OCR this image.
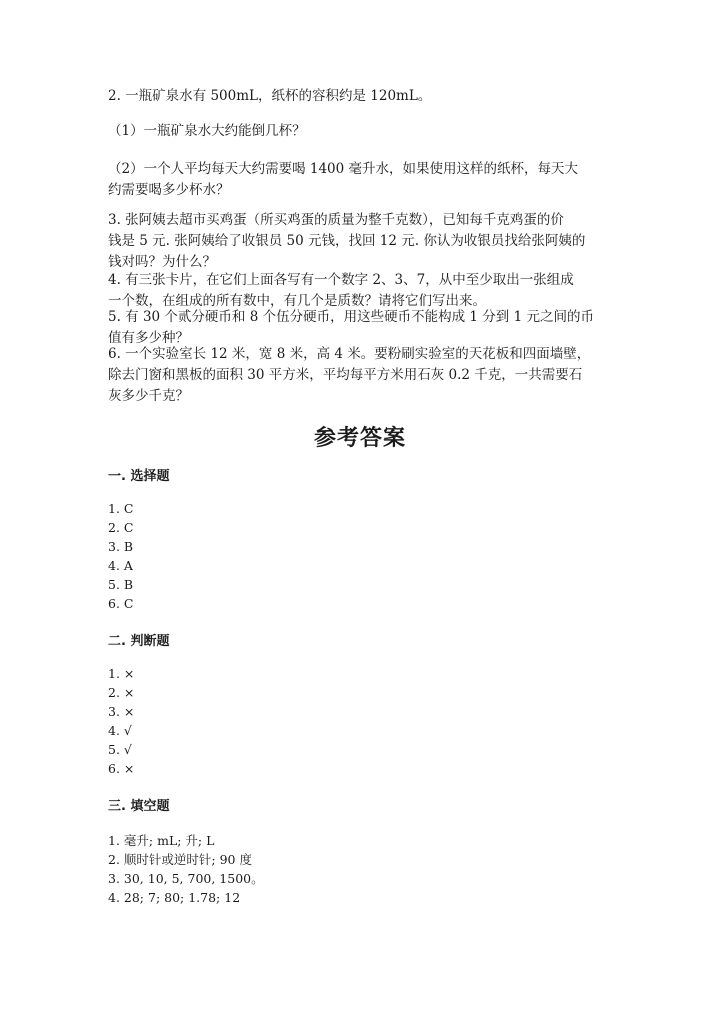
2. 一瓶矿泉水有 500mL，纸杯的容积约是 120mL。
（1）一瓶矿泉水大约能倒几杯？
（2）一个人平均每天大约需要喝 1400 毫升水，如果使用这样的纸杯，每天大
约需要喝多少杯水？
3. 张阿姨去超市买鸡蛋（所买鸡蛋的质量为整千克数），已知每千克鸡蛋的价
钱是 5 元. 张阿姨给了收银员 50 元钱，找回 12 元. 你认为收银员找给张阿姨的
钱对吗？为什么？
4. 有三张卡片，在它们上面各写有一个数字 2、3、7，从中至少取出一张组成
一个数，在组成的所有数中，有几个是质数？请将它们写出来。
5. 有 30 个贰分硬币和 8 个伍分硬币，用这些硬币不能构成 1 分到 1 元之间的币
值有多少种？
6. 一个实验室长 12 米，宽 8 米，高 4 米。要粉刷实验室的天花板和四面墙壁，
除去门窗和黑板的面积 30 平方米，平均每平方米用石灰 0.2 千克，一共需要石
灰多少千克？
参考答案
一. 选择题
1. C
2. C
3. B
4. A
5. B
6. C
二. 判断题
1. ×
2. ×
3. ×
4. √
5. √
6. ×
三. 填空题
1. 毫升; mL; 升; L
2. 顺时针或逆时针; 90 度
3. 30, 10, 5, 700, 1500。
4. 28; 7; 80; 1.78; 12
